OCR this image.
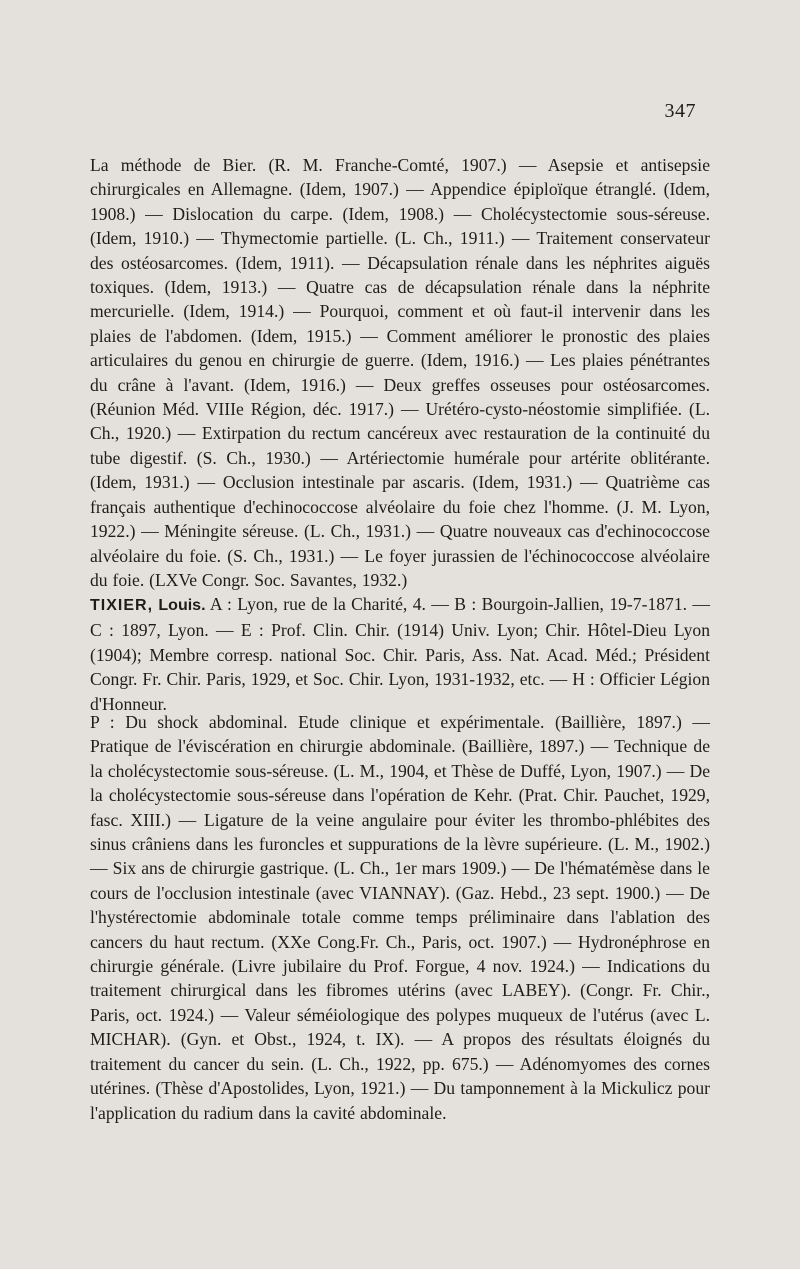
347

La méthode de Bier. (R. M. Franche-Comté, 1907.) — Asepsie et antisepsie chirurgicales en Allemagne. (Idem, 1907.) — Appendice épiploïque étranglé. (Idem, 1908.) — Dislocation du carpe. (Idem, 1908.) — Cholécystectomie sous-séreuse. (Idem, 1910.) — Thymectomie partielle. (L. Ch., 1911.) — Traitement conservateur des ostéosarcomes. (Idem, 1911). — Décapsulation rénale dans les néphrites aiguës toxiques. (Idem, 1913.) — Quatre cas de décapsulation rénale dans la néphrite mercurielle. (Idem, 1914.) — Pourquoi, comment et où faut-il intervenir dans les plaies de l'abdomen. (Idem, 1915.) — Comment améliorer le pronostic des plaies articulaires du genou en chirurgie de guerre. (Idem, 1916.) — Les plaies pénétrantes du crâne à l'avant. (Idem, 1916.) — Deux greffes osseuses pour ostéosarcomes. (Réunion Méd. VIIIe Région, déc. 1917.) — Urétéro-cysto-néostomie simplifiée. (L. Ch., 1920.) — Extirpation du rectum cancéreux avec restauration de la continuité du tube digestif. (S. Ch., 1930.) — Artériectomie humérale pour artérite oblitérante. (Idem, 1931.) — Occlusion intestinale par ascaris. (Idem, 1931.) — Quatrième cas français authentique d'echinococcose alvéolaire du foie chez l'homme. (J. M. Lyon, 1922.) — Méningite séreuse. (L. Ch., 1931.) — Quatre nouveaux cas d'echinococcose alvéolaire du foie. (S. Ch., 1931.) — Le foyer jurassien de l'échinococcose alvéolaire du foie. (LXVe Congr. Soc. Savantes, 1932.)

TIXIER, Louis. A : Lyon, rue de la Charité, 4. — B : Bourgoin-Jallien, 19-7-1871. — C : 1897, Lyon. — E : Prof. Clin. Chir. (1914) Univ. Lyon; Chir. Hôtel-Dieu Lyon (1904); Membre corresp. national Soc. Chir. Paris, Ass. Nat. Acad. Méd.; Président Congr. Fr. Chir. Paris, 1929, et Soc. Chir. Lyon, 1931-1932, etc. — H : Officier Légion d'Honneur.

P : Du shock abdominal. Etude clinique et expérimentale. (Baillière, 1897.) — Pratique de l'éviscération en chirurgie abdominale. (Baillière, 1897.) — Technique de la cholécystectomie sous-séreuse. (L. M., 1904, et Thèse de Duffé, Lyon, 1907.) — De la cholécystectomie sous-séreuse dans l'opération de Kehr. (Prat. Chir. Pauchet, 1929, fasc. XIII.) — Ligature de la veine angulaire pour éviter les thrombo-phlébites des sinus crâniens dans les furoncles et suppurations de la lèvre supérieure. (L. M., 1902.) — Six ans de chirurgie gastrique. (L. Ch., 1er mars 1909.) — De l'hématémèse dans le cours de l'occlusion intestinale (avec VIANNAY). (Gaz. Hebd., 23 sept. 1900.) — De l'hystérectomie abdominale totale comme temps préliminaire dans l'ablation des cancers du haut rectum. (XXe Cong.Fr. Ch., Paris, oct. 1907.) — Hydronéphrose en chirurgie générale. (Livre jubilaire du Prof. Forgue, 4 nov. 1924.) — Indications du traitement chirurgical dans les fibromes utérins (avec LABEY). (Congr. Fr. Chir., Paris, oct. 1924.) — Valeur séméiologique des polypes muqueux de l'utérus (avec L. MICHAR). (Gyn. et Obst., 1924, t. IX). — A propos des résultats éloignés du traitement du cancer du sein. (L. Ch., 1922, pp. 675.) — Adénomyomes des cornes utérines. (Thèse d'Apostolides, Lyon, 1921.) — Du tamponnement à la Mickulicz pour l'application du radium dans la cavité abdominale.
